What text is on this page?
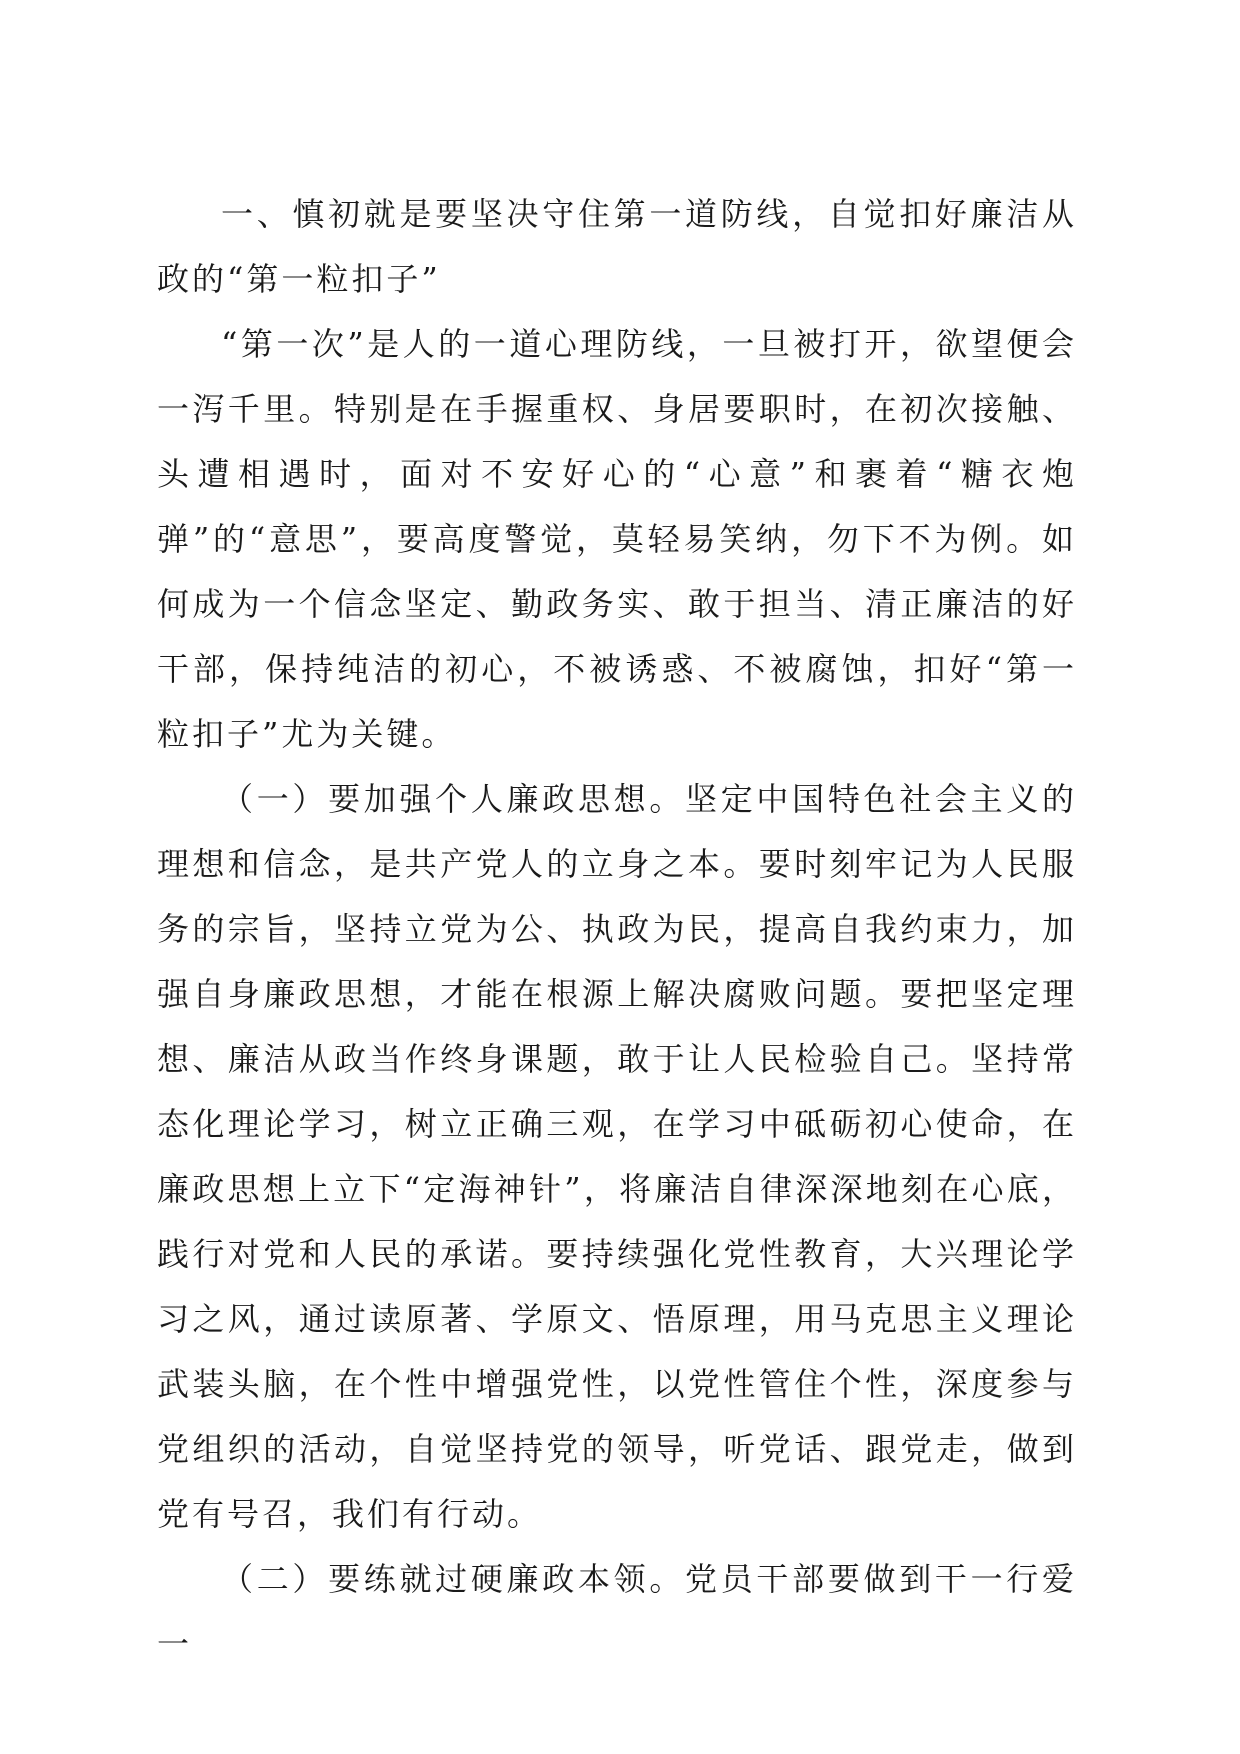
一、慎初就是要坚决守住第一道防线，自觉扣好廉洁从政的“第一粒扣子”

“第一次”是人的一道心理防线，一旦被打开，欲望便会一泻千里。特别是在手握重权、身居要职时，在初次接触、头遭相遇时，面对不安好心的“心意”和裹着“糖衣炮弹”的“意思”，要高度警觉，莫轻易笑纳，勿下不为例。如何成为一个信念坚定、勤政务实、敢于担当、清正廉洁的好干部，保持纯洁的初心，不被诱惑、不被腐蚀，扣好“第一粒扣子”尤为关键。

（一）要加强个人廉政思想。坚定中国特色社会主义的理想和信念，是共产党人的立身之本。要时刻牢记为人民服务的宗旨，坚持立党为公、执政为民，提高自我约束力，加强自身廉政思想，才能在根源上解决腐败问题。要把坚定理想、廉洁从政当作终身课题，敢于让人民检验自己。坚持常态化理论学习，树立正确三观，在学习中砥砺初心使命，在廉政思想上立下“定海神针”，将廉洁自律深深地刻在心底，践行对党和人民的承诺。要持续强化党性教育，大兴理论学习之风，通过读原著、学原文、悟原理，用马克思主义理论武装头脑，在个性中增强党性，以党性管住个性，深度参与党组织的活动，自觉坚持党的领导，听党话、跟党走，做到党有号召，我们有行动。

（二）要练就过硬廉政本领。党员干部要做到干一行爱一
